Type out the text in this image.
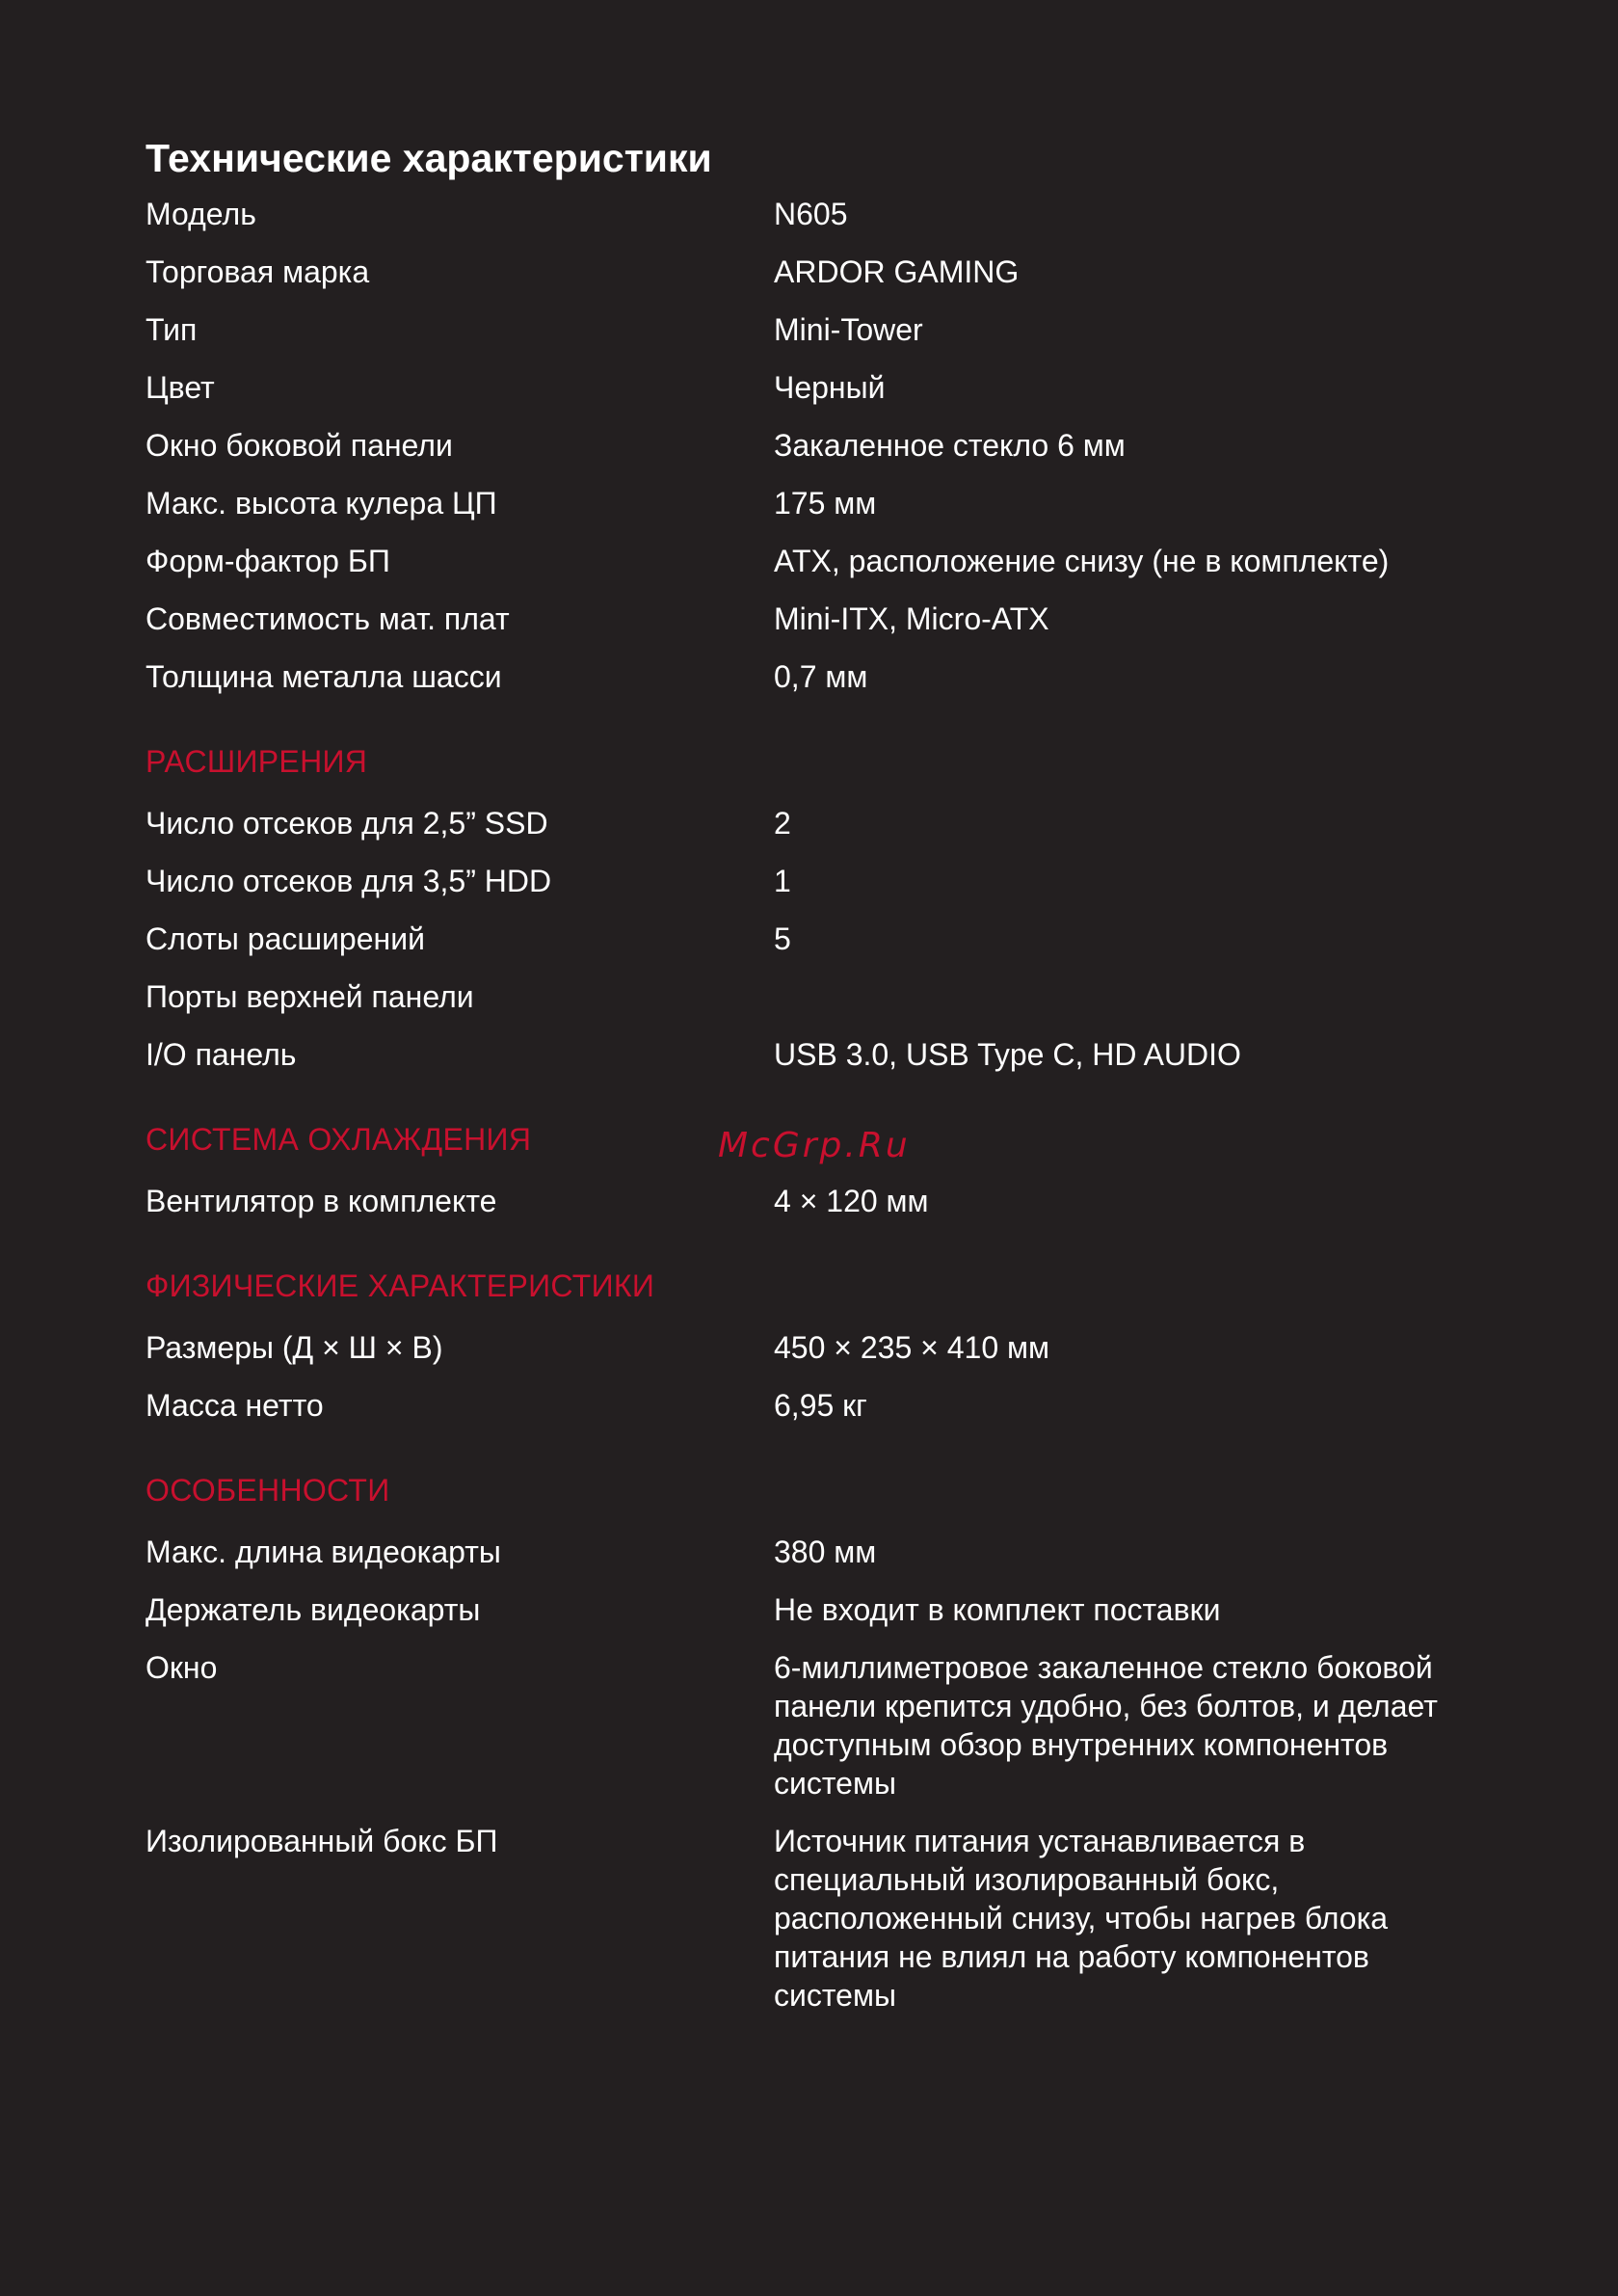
Технические характеристики
Модель	N605
Торговая марка	ARDOR GAMING
Тип	Mini-Tower
Цвет	Черный
Окно боковой панели	Закаленное стекло 6 мм
Макс. высота кулера ЦП	175 мм
Форм-фактор БП	ATX, расположение снизу (не в комплекте)
Совместимость мат. плат	Mini-ITX, Micro-ATX
Толщина металла шасси	0,7 мм
РАСШИРЕНИЯ
Число отсеков для 2,5” SSD	2
Число отсеков для 3,5” HDD	1
Слоты расширений	5
Порты верхней панели
I/O панель	USB 3.0, USB Type C, HD AUDIO
СИСТЕМА ОХЛАЖДЕНИЯ
Вентилятор в комплекте	4 × 120 мм
ФИЗИЧЕСКИЕ ХАРАКТЕРИСТИКИ
Размеры (Д × Ш × В)	450 × 235 × 410 мм
Масса нетто	6,95 кг
ОСОБЕННОСТИ
Макс. длина видеокарты	380 мм
Держатель видеокарты	Не входит в комплект поставки
Окно	6-миллиметровое закаленное стекло боковой панели крепится удобно, без болтов, и делает доступным обзор внутренних компонентов системы
Изолированный бокс БП	Источник питания устанавливается в специальный изолированный бокс, расположенный снизу, чтобы нагрев блока питания не влиял на работу компонентов системы
McGrp.Ru
